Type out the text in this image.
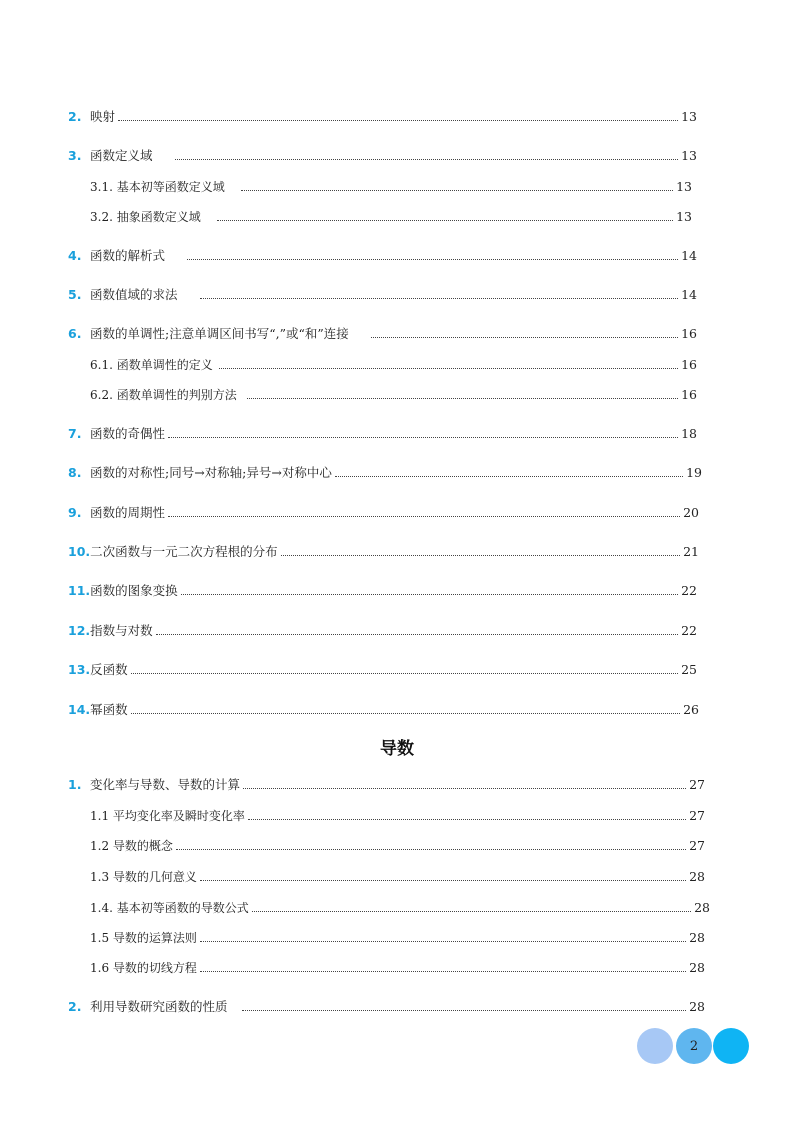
2. 映射	13
3. 函数定义域	13
3.1. 基本初等函数定义域	13
3.2. 抽象函数定义域	13
4. 函数的解析式	14
5. 函数值域的求法	14
6. 函数的单调性;注意单调区间书写“,”或“和”连接	16
6.1. 函数单调性的定义	16
6.2. 函数单调性的判别方法	16
7. 函数的奇偶性	18
8. 函数的对称性;同号→对称轴;异号→对称中心	19
9. 函数的周期性	20
10. 二次函数与一元二次方程根的分布	21
11. 函数的图象变换	22
12. 指数与对数	22
13. 反函数	25
14. 幂函数	26
导数
1. 变化率与导数、导数的计算	27
1.1 平均变化率及瞬时变化率	27
1.2 导数的概念	27
1.3 导数的几何意义	28
1.4. 基本初等函数的导数公式	28
1.5 导数的运算法则	28
1.6 导数的切线方程	28
2. 利用导数研究函数的性质	28
2
